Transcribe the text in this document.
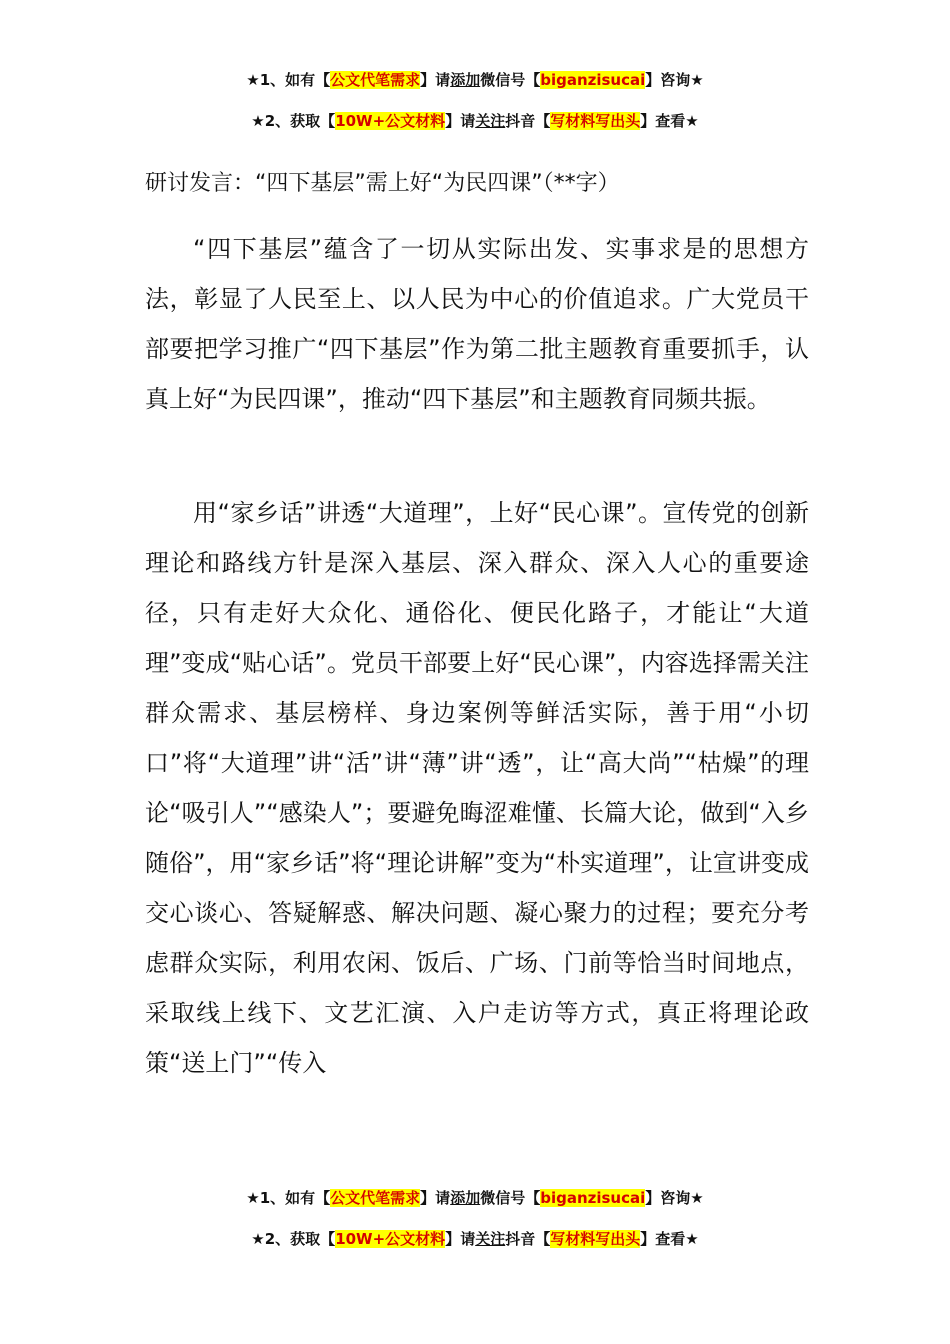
★1、如有【公文代笔需求】请添加微信号【biganzisucai】咨询★
★2、获取【10W+公文材料】请关注抖音【写材料写出头】查看★
研讨发言：“四下基层”需上好“为民四课”（**字）

“四下基层”蕴含了一切从实际出发、实事求是的思想方法，彰显了人民至上、以人民为中心的价值追求。广大党员干部要把学习推广“四下基层”作为第二批主题教育重要抓手，认真上好“为民四课”，推动“四下基层”和主题教育同频共振。

用“家乡话”讲透“大道理”，上好“民心课”。宣传党的创新理论和路线方针是深入基层、深入群众、深入人心的重要途径，只有走好大众化、通俗化、便民化路子，才能让“大道理”变成“贴心话”。党员干部要上好“民心课”，内容选择需关注群众需求、基层榜样、身边案例等鲜活实际，善于用“小切口”将“大道理”讲“活”讲“薄”讲“透”，让“高大尚”“枯燥”的理论“吸引人”“感染人”；要避免晦涩难懂、长篇大论，做到“入乡随俗”，用“家乡话”将“理论讲解”变为“朴实道理”，让宣讲变成交心谈心、答疑解惑、解决问题、凝心聚力的过程；要充分考虑群众实际，利用农闲、饭后、广场、门前等恰当时间地点，采取线上线下、文艺汇演、入户走访等方式，真正将理论政策“送上门”“传入

★1、如有【公文代笔需求】请添加微信号【biganzisucai】咨询★
★2、获取【10W+公文材料】请关注抖音【写材料写出头】查看★
